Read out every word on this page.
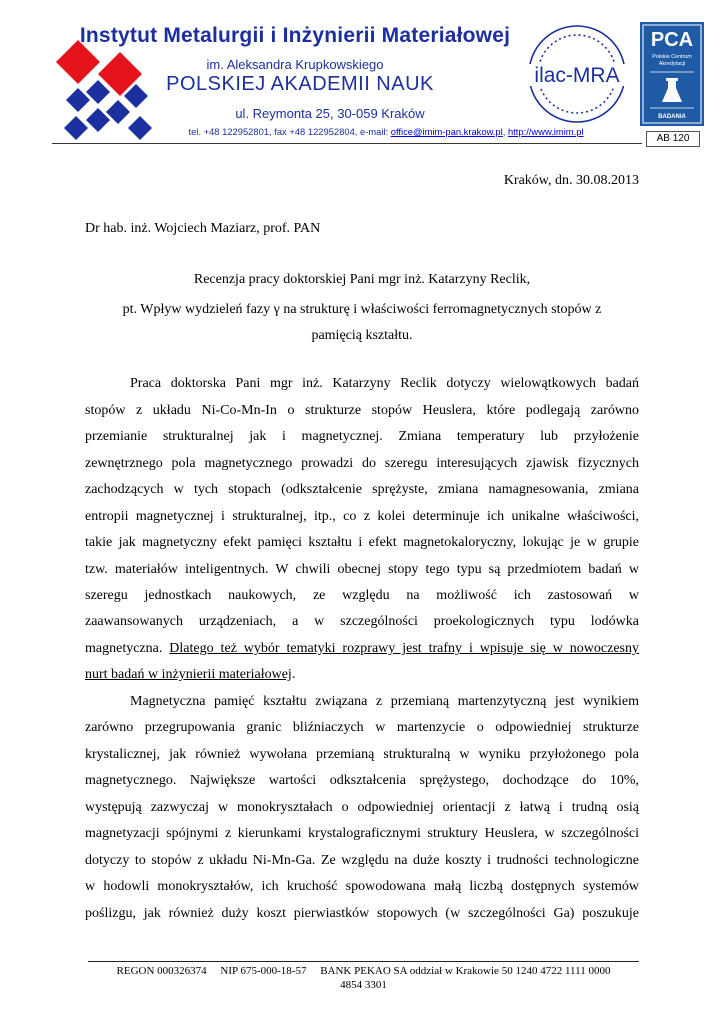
Instytut Metalurgii i Inżynierii Materiałowej
im. Aleksandra Krupkowskiego
POLSKIEJ AKADEMII NAUK
ul. Reymonta 25, 30-059 Kraków
tel. +48 122952801, fax +48 122952804, e-mail: office@imim-pan.krakow.pl, http://www.imim.pl
ilac-MRA
PCA
Polskie Centrum
Akredytacji
BADANIA
AB 120
Kraków, dn. 30.08.2013
Dr hab. inż. Wojciech Maziarz, prof. PAN
Recenzja pracy doktorskiej Pani mgr inż. Katarzyny Reclik,
pt. Wpływ wydzieleń fazy γ na strukturę i właściwości ferromagnetycznych stopów z
pamięcią kształtu.
Praca doktorska Pani mgr inż. Katarzyny Reclik dotyczy wielowątkowych badań
stopów z układu Ni-Co-Mn-In o strukturze stopów Heuslera, które podlegają zarówno
przemianie strukturalnej jak i magnetycznej. Zmiana temperatury lub przyłożenie
zewnętrznego pola magnetycznego prowadzi do szeregu interesujących zjawisk fizycznych
zachodzących w tych stopach (odkształcenie sprężyste, zmiana namagnesowania, zmiana
entropii magnetycznej i strukturalnej, itp., co z kolei determinuje ich unikalne właściwości,
takie jak magnetyczny efekt pamięci kształtu i efekt magnetokaloryczny, lokując je w grupie
tzw. materiałów inteligentnych. W chwili obecnej stopy tego typu są przedmiotem badań w
szeregu jednostkach naukowych, ze względu na możliwość ich zastosowań w
zaawansowanych urządzeniach, a w szczególności proekologicznych typu lodówka
magnetyczna. Dlatego też wybór tematyki rozprawy jest trafny i wpisuje się w nowoczesny
nurt badań w inżynierii materiałowej.
Magnetyczna pamięć kształtu związana z przemianą martenzytyczną jest wynikiem
zarówno przegrupowania granic bliźniaczych w martenzycie o odpowiedniej strukturze
krystalicznej, jak również wywołana przemianą strukturalną w wyniku przyłożonego pola
magnetycznego. Największe wartości odkształcenia sprężystego, dochodzące do 10%,
występują zazwyczaj w monokryształach o odpowiedniej orientacji z łatwą i trudną osią
magnetyzacji spójnymi z kierunkami krystalograficznymi struktury Heuslera, w szczególności
dotyczy to stopów z układu Ni-Mn-Ga. Ze względu na duże koszty i trudności technologiczne
w hodowli monokryształów, ich kruchość spowodowana małą liczbą dostępnych systemów
poślizgu, jak również duży koszt pierwiastków stopowych (w szczególności Ga) poszukuje
REGON 000326374     NIP 675-000-18-57     BANK PEKAO SA oddział w Krakowie 50 1240 4722 1111 0000
4854 3301
